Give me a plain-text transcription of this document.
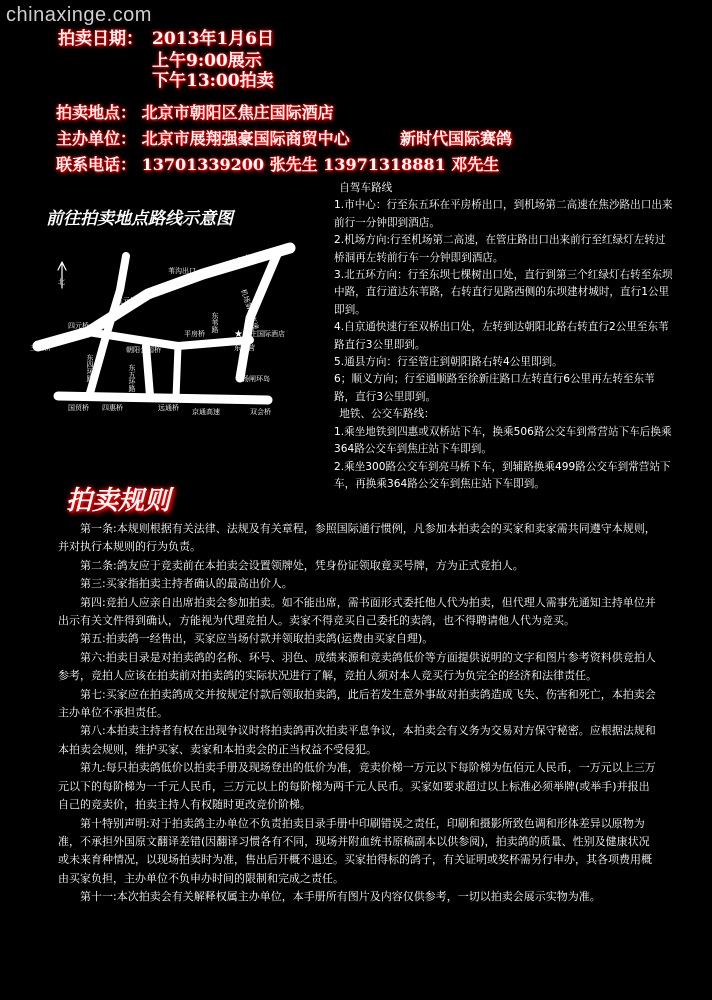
chinaxinge.com
拍卖日期： 2013年1月6日
上午9:00展示
下午13:00拍卖
拍卖地点： 北京市朝阳区焦庄国际酒店
主办单位： 北京市展翔强豪国际商贸中心	新时代国际赛鸽
联系电话： 13701339200 张先生 13971318881 邓先生
前往拍卖地点路线示意图
北
机场高速
机场第二高速
苇沟出口
五元桥
四元桥
三元桥	朝阳公园桥
东四环路	东五环路
平房桥
东苇路
焦庄国际酒店
东晓营
杨闸环岛
国贸桥 四惠桥	远通桥 京通高速	双会桥
★

自驾车路线

1.市中心：行至东五环在平房桥出口，到机场第二高速在焦沙路出口出来前行一分钟即到酒店。

2.机场方向:行至机场第二高速，在管庄路出口出来前行至红绿灯左转过桥洞再左转前行车一分钟即到酒店。

3.北五环方向：行至东坝七棵树出口处，直行到第三个红绿灯右转至东坝中路，直行道达东苇路，右转直行见路西侧的东坝建材城时，直行1公里即到。

4.自京通快速行至双桥出口处，左转到达朝阳北路右转直行2公里至东苇路直行3公里即到。

5.通县方向：行至管庄到朝阳路右转4公里即到。

6；顺义方向；行至通顺路至徐新庄路口左转直行6公里再左转至东苇路，直行3公里即到。

地铁、公交车路线：

1.乘坐地铁到四惠或双桥站下车，换乘506路公交车到常营站下车后换乘364路公交车到焦庄站下车即到。

2.乘坐300路公交车到亮马桥下车，到辅路换乘499路公交车到常营站下车，再换乘364路公交车到焦庄站下车即到。

拍卖规则

第一条:本规则根据有关法律、法规及有关章程，参照国际通行惯例，凡参加本拍卖会的买家和卖家需共同遵守本规则，并对执行本规则的行为负责。

第二条:鸽友应于竞卖前在本拍卖会设置领牌处，凭身份证领取竟买号牌，方为正式竞拍人。

第三:买家指拍卖主持者确认的最高出价人。

第四:竞拍人应亲自出席拍卖会参加拍卖。如不能出席，需书面形式委托他人代为拍卖，但代理人需事先通知主持单位并出示有关文件得到确认，方能视为代理竞拍人。卖家不得竞买自己委托的卖鸽，也不得聘请他人代为竞买。

第五:拍卖鸽一经售出，买家应当场付款并领取拍卖鸽(运费由买家自理)。

第六:拍卖目录是对拍卖鸽的名称、环号、羽色、成绩来源和竞卖鸽低价等方面提供说明的文字和图片参考资料供竞拍人参考，竞拍人应该在拍卖前对拍卖鸽的实际状况进行了解，竞拍人须对本人竞买行为负完全的经济和法律责任。

第七:买家应在拍卖鸽成交并按规定付款后领取拍卖鸽，此后若发生意外事故对拍卖鸽造成飞失、伤害和死亡，本拍卖会主办单位不承担责任。

第八:本拍卖主持者有权在出现争议时将拍卖鸽再次拍卖平息争议，本拍卖会有义务为交易对方保守秘密。应根据法规和本拍卖会规则，维护买家、卖家和本拍卖会的正当权益不受侵犯。

第九:每只拍卖鸽低价以拍卖手册及现场登出的低价为准，竞卖价梯一万元以下每阶梯为伍佰元人民币，一万元以上三万元以下的每阶梯为一千元人民币，三万元以上的每阶梯为两千元人民币。买家如要求超过以上标准必须举牌(或举手)并报出自己的竞卖价，拍卖主持人有权随时更改竞价阶梯。

第十特别声明:对于拍卖鸽主办单位不负责拍卖目录手册中印刷错误之责任，印刷和摄影所致色调和形体差异以原物为准，不承担外国原文翻译差错(因翻译习惯各有不同，现场并附血统书原稿副本以供参阅)，拍卖鸽的质量、性别及健康状况或未来育种情况，以现场拍卖时为准，售出后开概不退还。买家拍得标的鸽子，有关证明或奖杯需另行申办，其各项费用概由买家负担，主办单位不负申办时间的限制和完成之责任。

第十一:本次拍卖会有关解释权属主办单位，本手册所有图片及内容仅供参考，一切以拍卖会展示实物为准。
